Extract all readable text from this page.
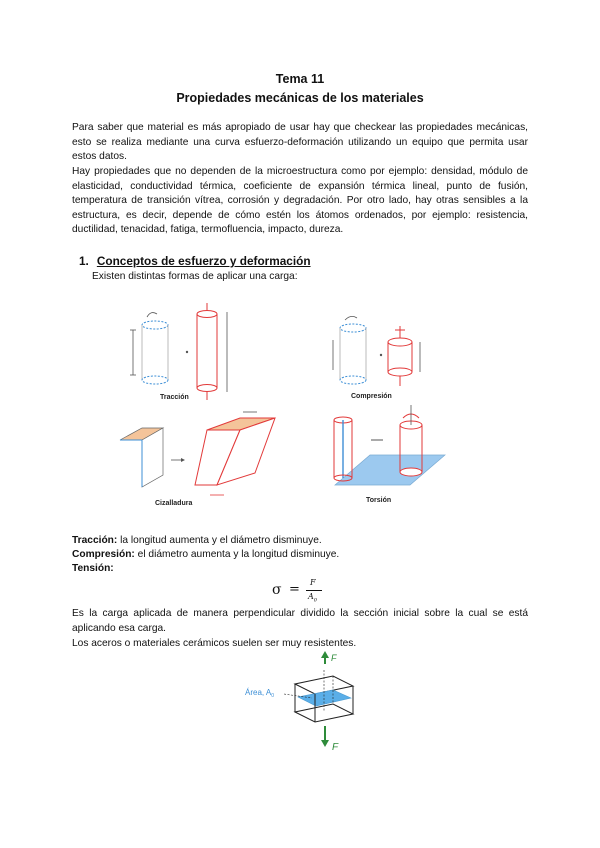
Tema 11
Propiedades mecánicas de los materiales
Para saber que material es más apropiado de usar hay que checkear las propiedades mecánicas, esto se realiza mediante una curva esfuerzo-deformación utilizando un equipo que permita usar estos datos.
Hay propiedades que no dependen de la microestructura como por ejemplo: densidad, módulo de elasticidad, conductividad térmica, coeficiente de expansión térmica lineal, punto de fusión, temperatura de transición vítrea, corrosión y degradación. Por otro lado, hay otras sensibles a la estructura, es decir, depende de cómo estén los átomos ordenados, por ejemplo: resistencia, ductilidad, tenacidad, fatiga, termofluencia, impacto, dureza.
1. Conceptos de esfuerzo y deformación
Existen distintas formas de aplicar una carga:
Tracción	Compresión
Cizalladura	Torsión
Tracción: la longitud aumenta y el diámetro disminuye.
Compresión: el diámetro aumenta y la longitud disminuye.
Tensión:
σ = F
$A_0$
Es la carga aplicada de manera perpendicular dividido la sección inicial sobre la cual se está aplicando esa carga.
Los aceros o materiales cerámicos suelen ser muy resistentes.
F
Área, $A_0$
F
